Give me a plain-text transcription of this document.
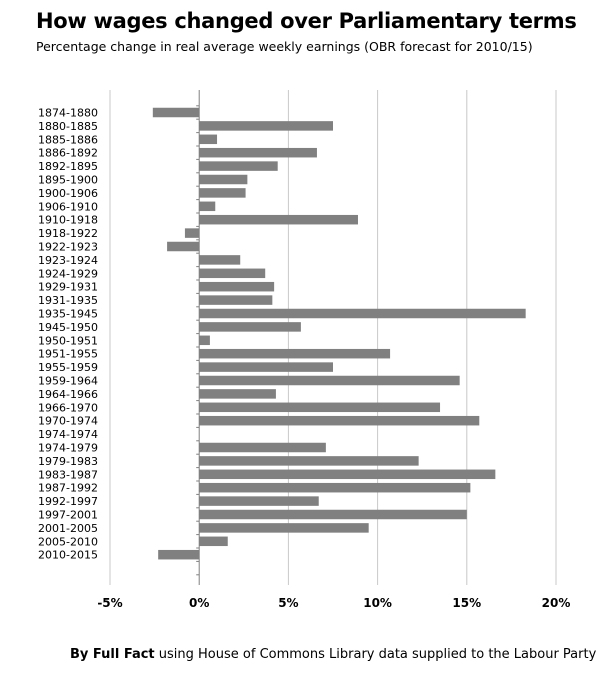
How wages changed over Parliamentary terms
Percentage change in real average weekly earnings (OBR forecast for 2010/15)
1874-1880
1880-1885
1885-1886
1886-1892
1892-1895
1895-1900
1900-1906
1906-1910
1910-1918
1918-1922
1922-1923
1923-1924
1924-1929
1929-1931
1931-1935
1935-1945
1945-1950
1950-1951
1951-1955
1955-1959
1959-1964
1964-1966
1966-1970
1970-1974
1974-1974
1974-1979
1979-1983
1983-1987
1987-1992
1992-1997
1997-2001
2001-2005
2005-2010
2010-2015
-5%	0%	5%	10%	15%	20%
By Full Fact using House of Commons Library data supplied to the Labour Party
